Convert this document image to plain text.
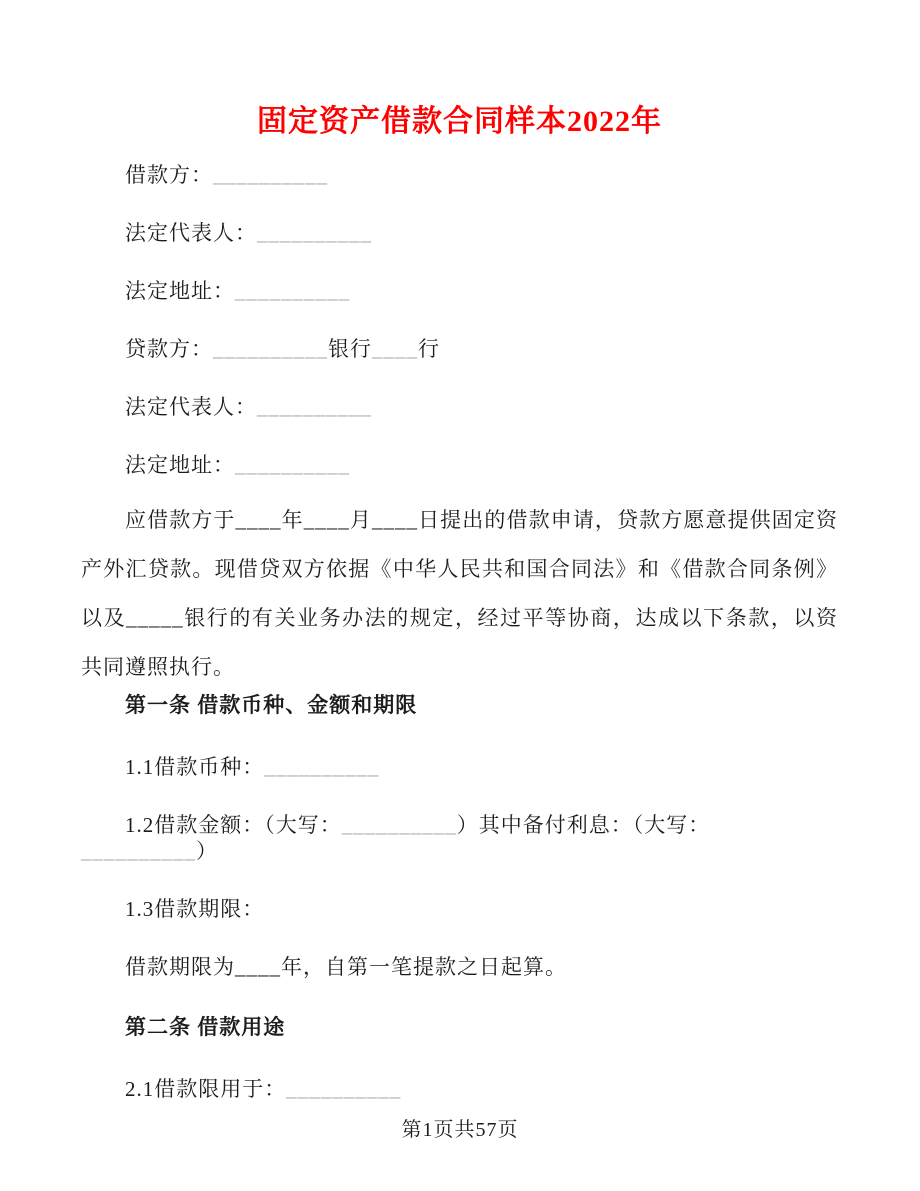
固定资产借款合同样本2022年

借款方：__________

法定代表人：__________

法定地址：__________

贷款方：__________银行____行

法定代表人：__________

法定地址：__________

应借款方于____年____月____日提出的借款申请，贷款方愿意提供固定资产外汇贷款。现借贷双方依据《中华人民共和国合同法》和《借款合同条例》以及_____银行的有关业务办法的规定，经过平等协商，达成以下条款，以资共同遵照执行。

第一条 借款币种、金额和期限

1.1借款币种：__________

1.2借款金额：（大写：__________）其中备付利息：（大写：__________）

1.3借款期限：

借款期限为____年，自第一笔提款之日起算。

第二条 借款用途

2.1借款限用于：__________

第1页共57页
